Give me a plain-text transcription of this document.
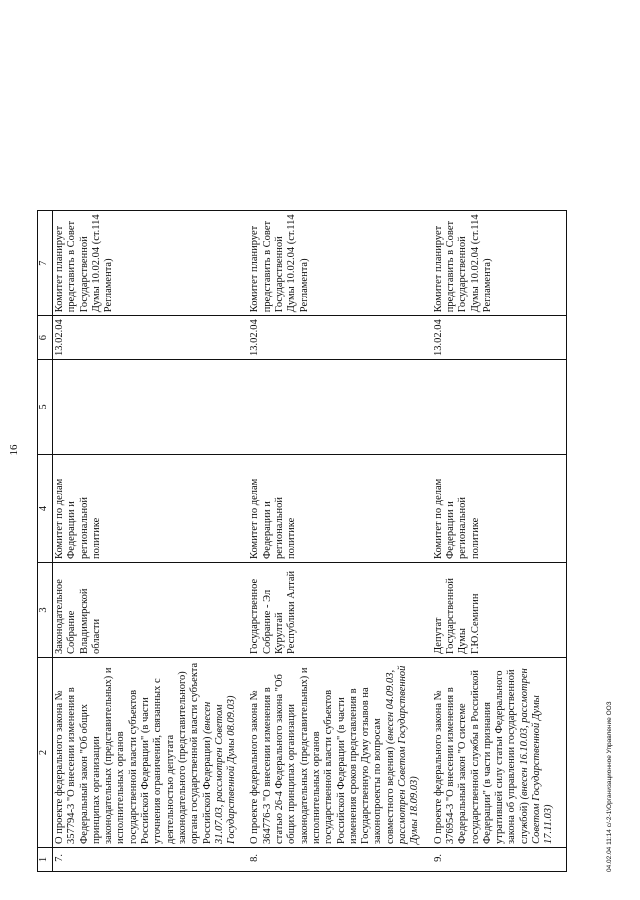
16
1	2	3	4	5	6	7
7.	О проекте федерального закона № 357794-3 "О внесении изменения в Федеральный закон "Об общих принципах организации законодательных (представительных) и исполнительных органов государственной власти субъектов Российской Федерации" (в части уточнения ограничений, связанных с деятельностью депутата законодательного (представительного) органа государственной власти субъекта Российской Федерации) (внесен 31.07.03, рассмотрен Советом Государственной Думы 08.09.03)	Законодательное Собрание Владимирской области	Комитет по делам Федерации и региональной политике		13.02.04	Комитет планирует представить в Совет Государственной Думы 10.02.04 (ст.114 Регламента)
8.	О проекте федерального закона № 364776-3 "О внесении изменения в статью 26-4 Федерального закона "Об общих принципах организации законодательных (представительных) и исполнительных органов государственной власти субъектов Российской Федерации" (в части изменения сроков представления в Государственную Думу отзывов на законопроекты по вопросам совместного ведения) (внесен 04.09.03, рассмотрен Советом Государственной Думы 18.09.03)	Государственное Собрание - Эл Курултай Республики Алтай	Комитет по делам Федерации и региональной политике		13.02.04	Комитет планирует представить в Совет Государственной Думы 10.02.04 (ст.114 Регламента)
9.	О проекте федерального закона № 376954-3 "О внесении изменения в Федеральный закон "О системе государственной службы в Российской Федерации" (в части признания утратившей силу статьи Федерального закона об управлении государственной службой) (внесен 16.10.03, рассмотрен Советом Государственной Думы 17.11.03)	Депутат Государственной Думы Г.Ю.Семигин	Комитет по делам Федерации и региональной политике		13.02.04	Комитет планирует представить в Совет Государственной Думы 10.02.04 (ст.114 Регламента)
04.02.04 11:14 c/-2-1\Организационное Управление ООЗ
